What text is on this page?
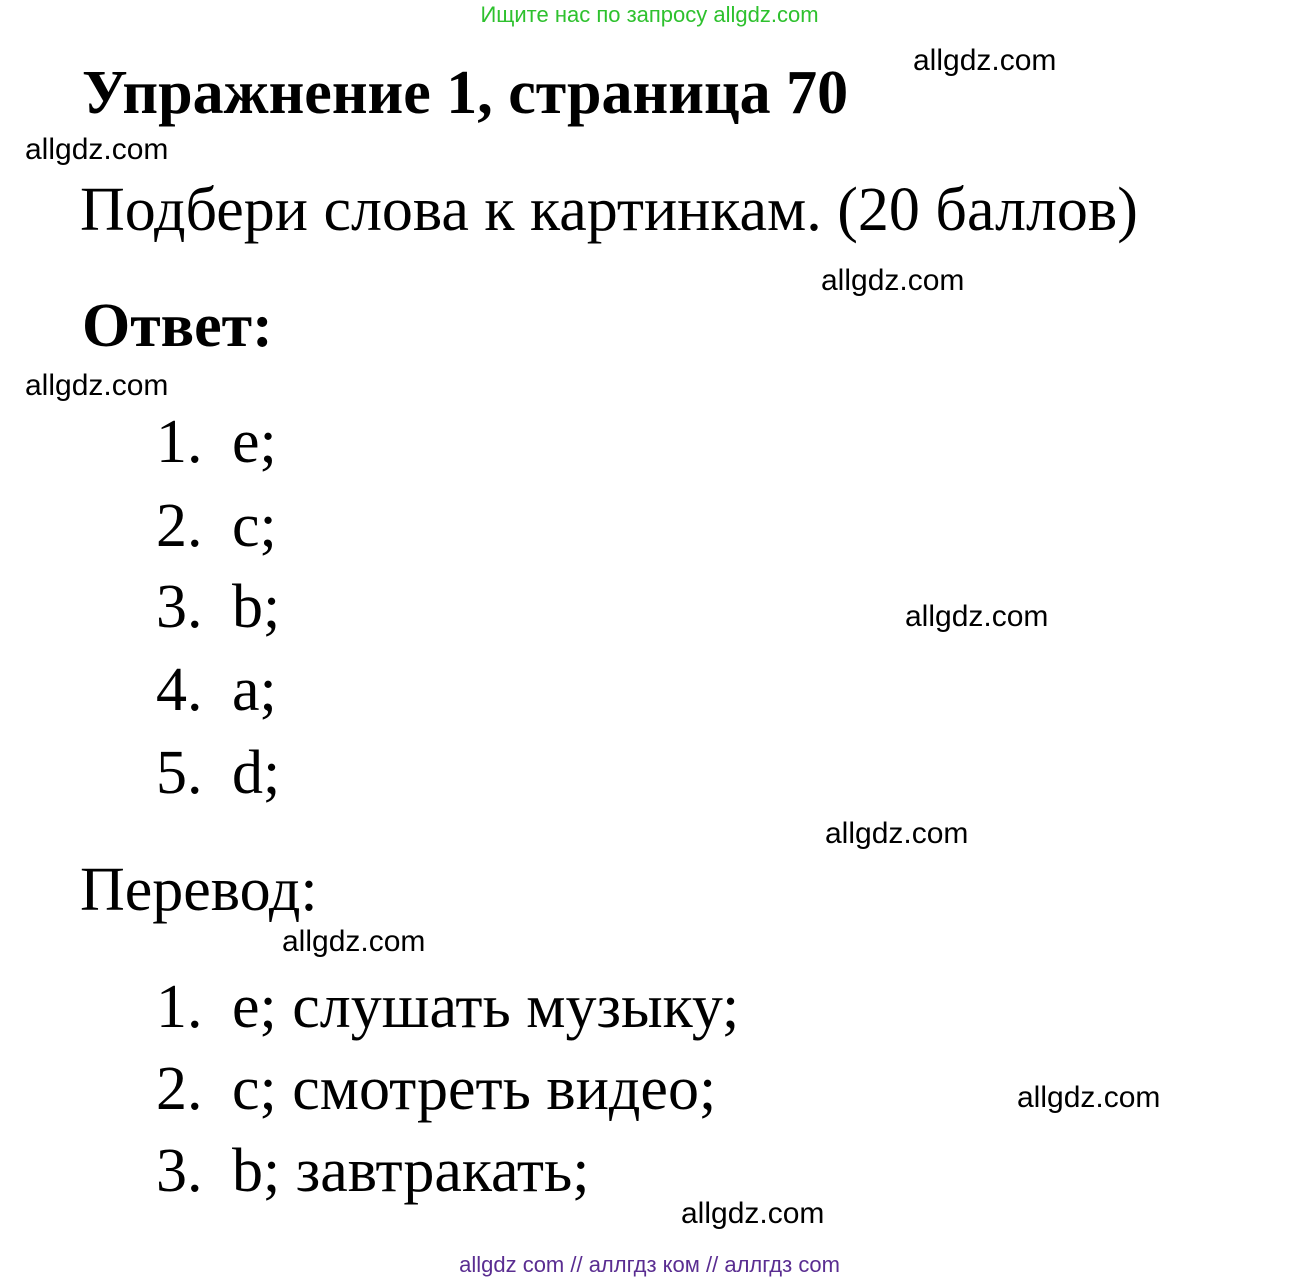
Ищите нас по запросу allgdz.com
Упражнение 1, страница 70
Подбери слова к картинкам. (20 баллов)
Ответ:
1. e;
2. c;
3. b;
4. a;
5. d;
Перевод:
1. e; слушать музыку;
2. c; смотреть видео;
3. b; завтракать;
allgdz.com
allgdz.com
allgdz.com
allgdz.com
allgdz.com
allgdz.com
allgdz.com
allgdz.com
allgdz.com
allgdz com // аллгдз ком // аллгдз com
